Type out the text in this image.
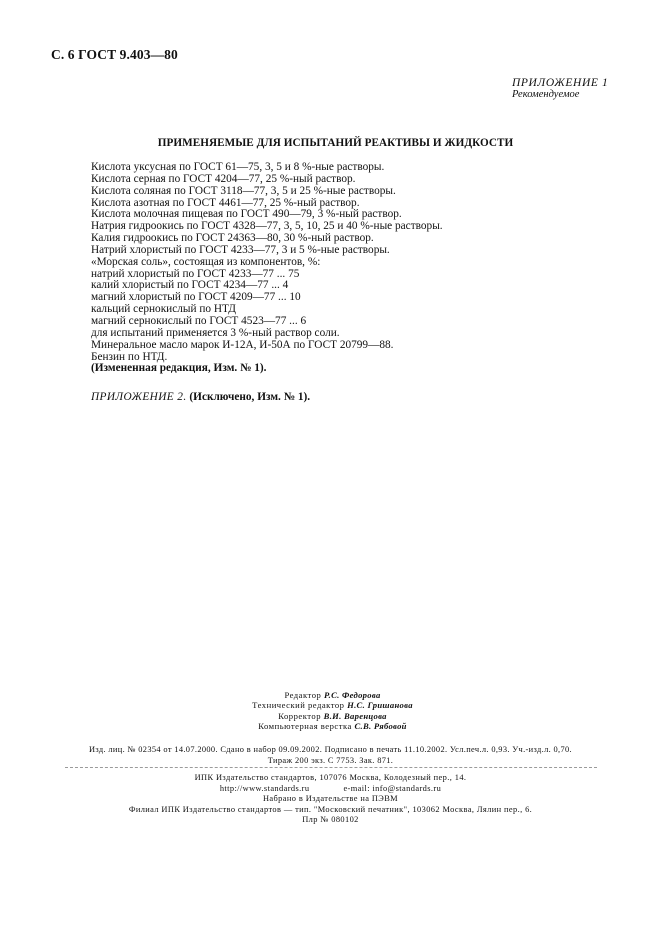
С. 6 ГОСТ 9.403—80
ПРИЛОЖЕНИЕ 1
Рекомендуемое
ПРИМЕНЯЕМЫЕ ДЛЯ ИСПЫТАНИЙ РЕАКТИВЫ И ЖИДКОСТИ
Кислота уксусная по ГОСТ 61—75, 3, 5 и 8 %-ные растворы.
Кислота серная по ГОСТ 4204—77, 25 %-ный раствор.
Кислота соляная по ГОСТ 3118—77, 3, 5 и 25 %-ные растворы.
Кислота азотная по ГОСТ 4461—77, 25 %-ный раствор.
Кислота молочная пищевая по ГОСТ 490—79, 3 %-ный раствор.
Натрия гидроокись по ГОСТ 4328—77, 3, 5, 10, 25 и 40 %-ные растворы.
Калия гидроокись по ГОСТ 24363—80, 30 %-ный раствор.
Натрий хлористый по ГОСТ 4233—77, 3 и 5 %-ные растворы.
«Морская соль», состоящая из компонентов, %:
натрий хлористый по ГОСТ 4233—77 ... 75
калий хлористый по ГОСТ 4234—77 ... 4
магний хлористый по ГОСТ 4209—77 ... 10
кальций сернокислый по НТД
магний сернокислый по ГОСТ 4523—77 ... 6
для испытаний применяется 3 %-ный раствор соли.
Минеральное масло марок И-12А, И-50А по ГОСТ 20799—88.
Бензин по НТД.
(Измененная редакция, Изм. № 1).
ПРИЛОЖЕНИЕ 2. (Исключено, Изм. № 1).
Редактор Р.С. Федорова
Технический редактор Н.С. Гришанова
Корректор В.И. Варенцова
Компьютерная верстка С.В. Рябовой
Изд. лиц. № 02354 от 14.07.2000. Сдано в набор 09.09.2002. Подписано в печать 11.10.2002. Усл.печ.л. 0,93. Уч.-изд.л. 0,70.
Тираж 200 экз. С 7753. Зак. 871.
ИПК Издательство стандартов, 107076 Москва, Колодезный пер., 14.
http://www.standards.ru	e-mail: info@standards.ru
Набрано в Издательстве на ПЭВМ
Филиал ИПК Издательство стандартов — тип. "Московский печатник", 103062 Москва, Лялин пер., 6.
Плр № 080102
